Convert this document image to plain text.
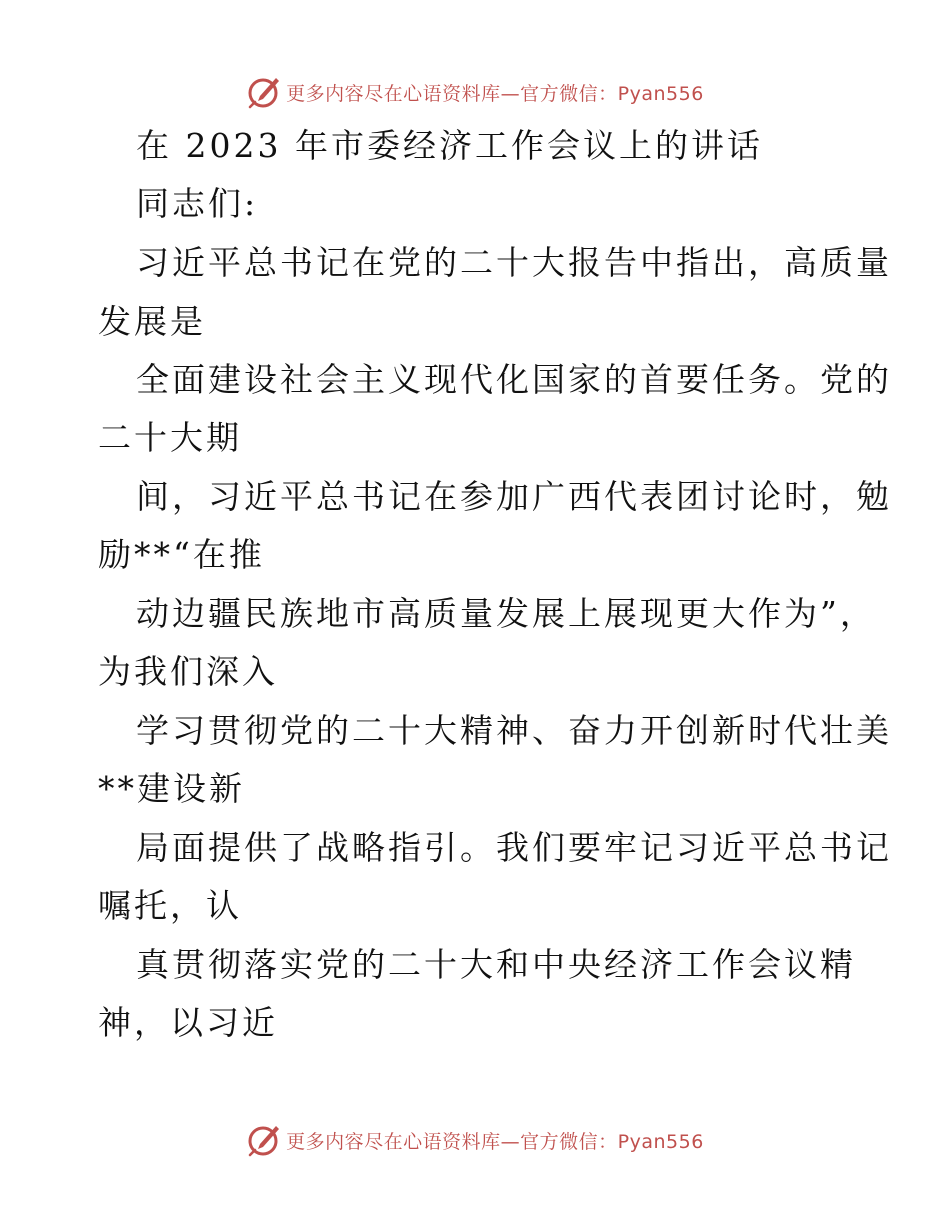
更多内容尽在心语资料库—官方微信：Pyan556
在 2023 年市委经济工作会议上的讲话
同志们:
习近平总书记在党的二十大报告中指出，高质量
发展是
全面建设社会主义现代化国家的首要任务。党的
二十大期
间，习近平总书记在参加广西代表团讨论时，勉
励**“在推
动边疆民族地市高质量发展上展现更大作为”，
为我们深入
学习贯彻党的二十大精神、奋力开创新时代壮美
**建设新
局面提供了战略指引。我们要牢记习近平总书记
嘱托，认
真贯彻落实党的二十大和中央经济工作会议精
神，以习近
更多内容尽在心语资料库—官方微信：Pyan556
